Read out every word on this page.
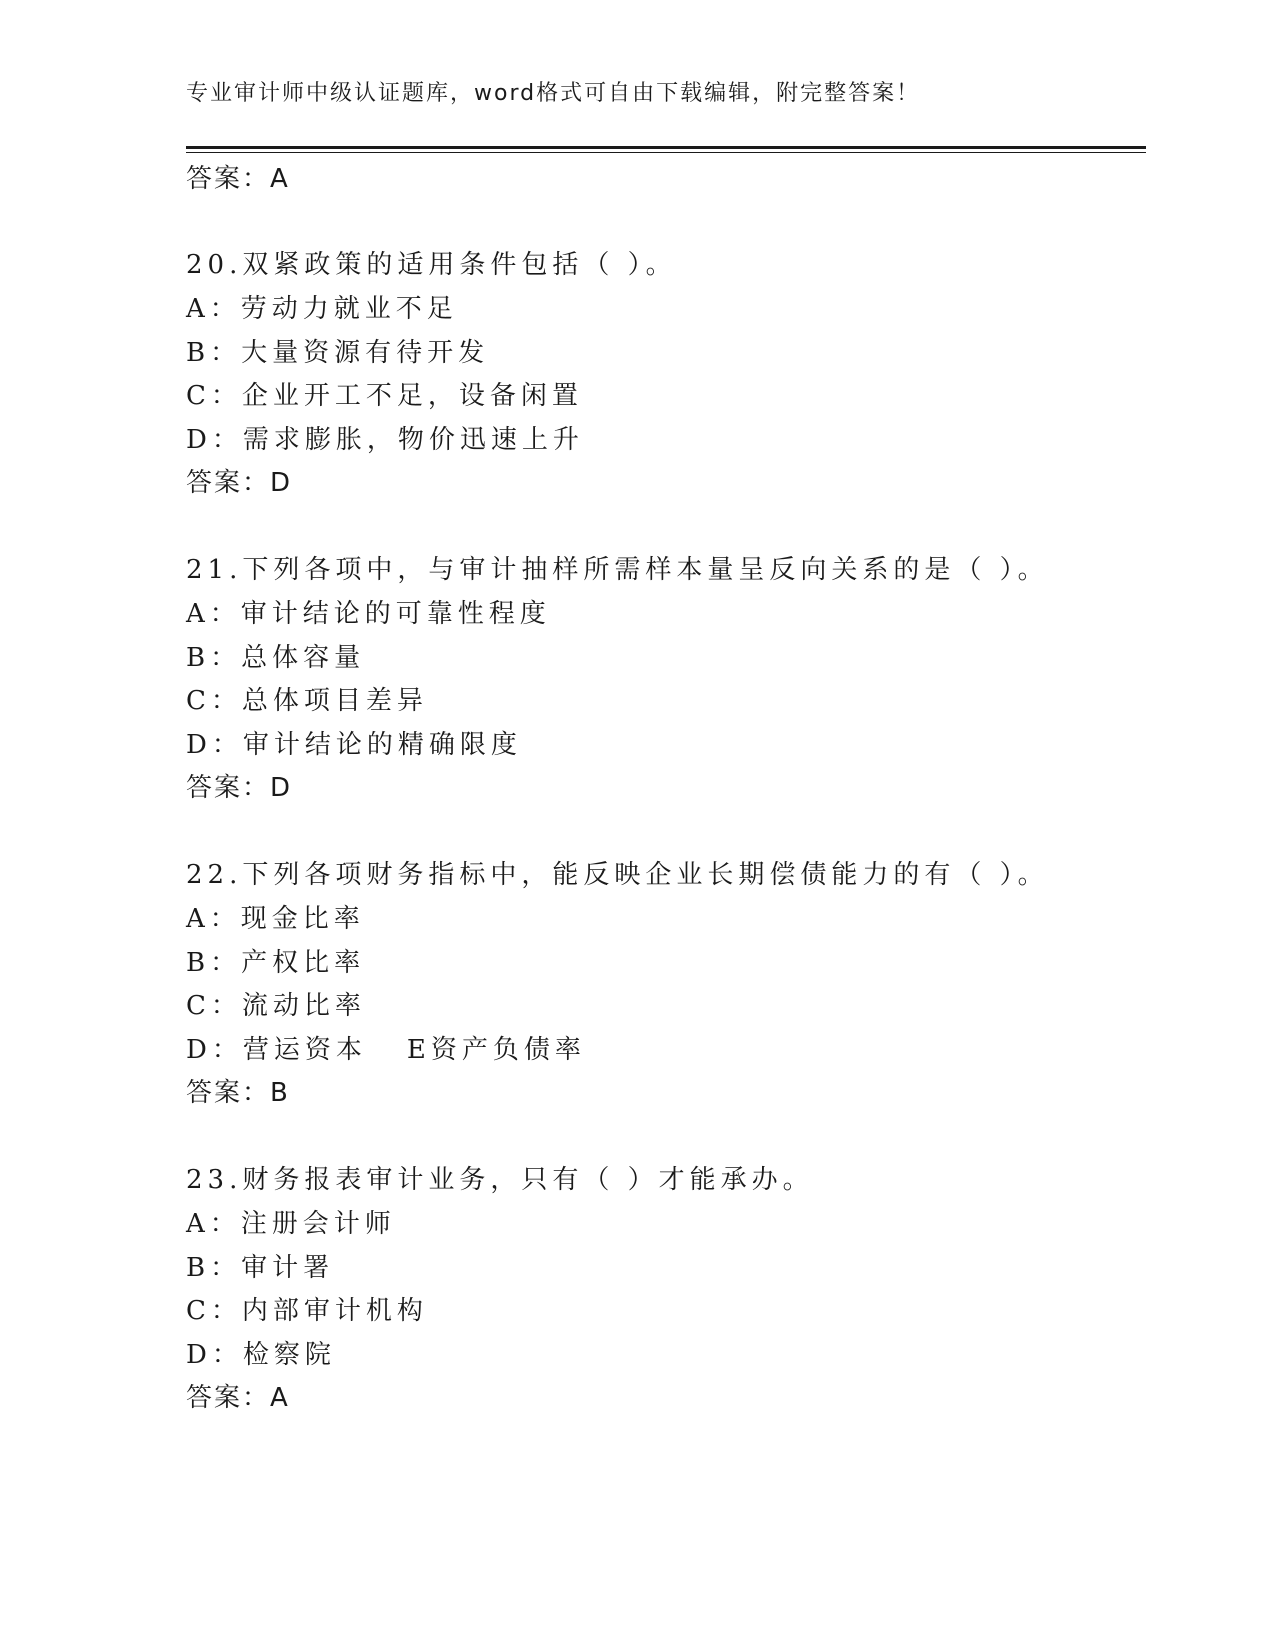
专业审计师中级认证题库，word格式可自由下载编辑，附完整答案！
答案：A
20.双紧政策的适用条件包括（ ）。
A：劳动力就业不足
B：大量资源有待开发
C：企业开工不足，设备闲置
D：需求膨胀，物价迅速上升
答案：D
21.下列各项中，与审计抽样所需样本量呈反向关系的是（ ）。
A：审计结论的可靠性程度
B：总体容量
C：总体项目差异
D：审计结论的精确限度
答案：D
22.下列各项财务指标中，能反映企业长期偿债能力的有（ ）。
A：现金比率
B：产权比率
C：流动比率
D：营运资本 E资产负债率
答案：B
23.财务报表审计业务，只有（ ）才能承办。
A：注册会计师
B：审计署
C：内部审计机构
D：检察院
答案：A
